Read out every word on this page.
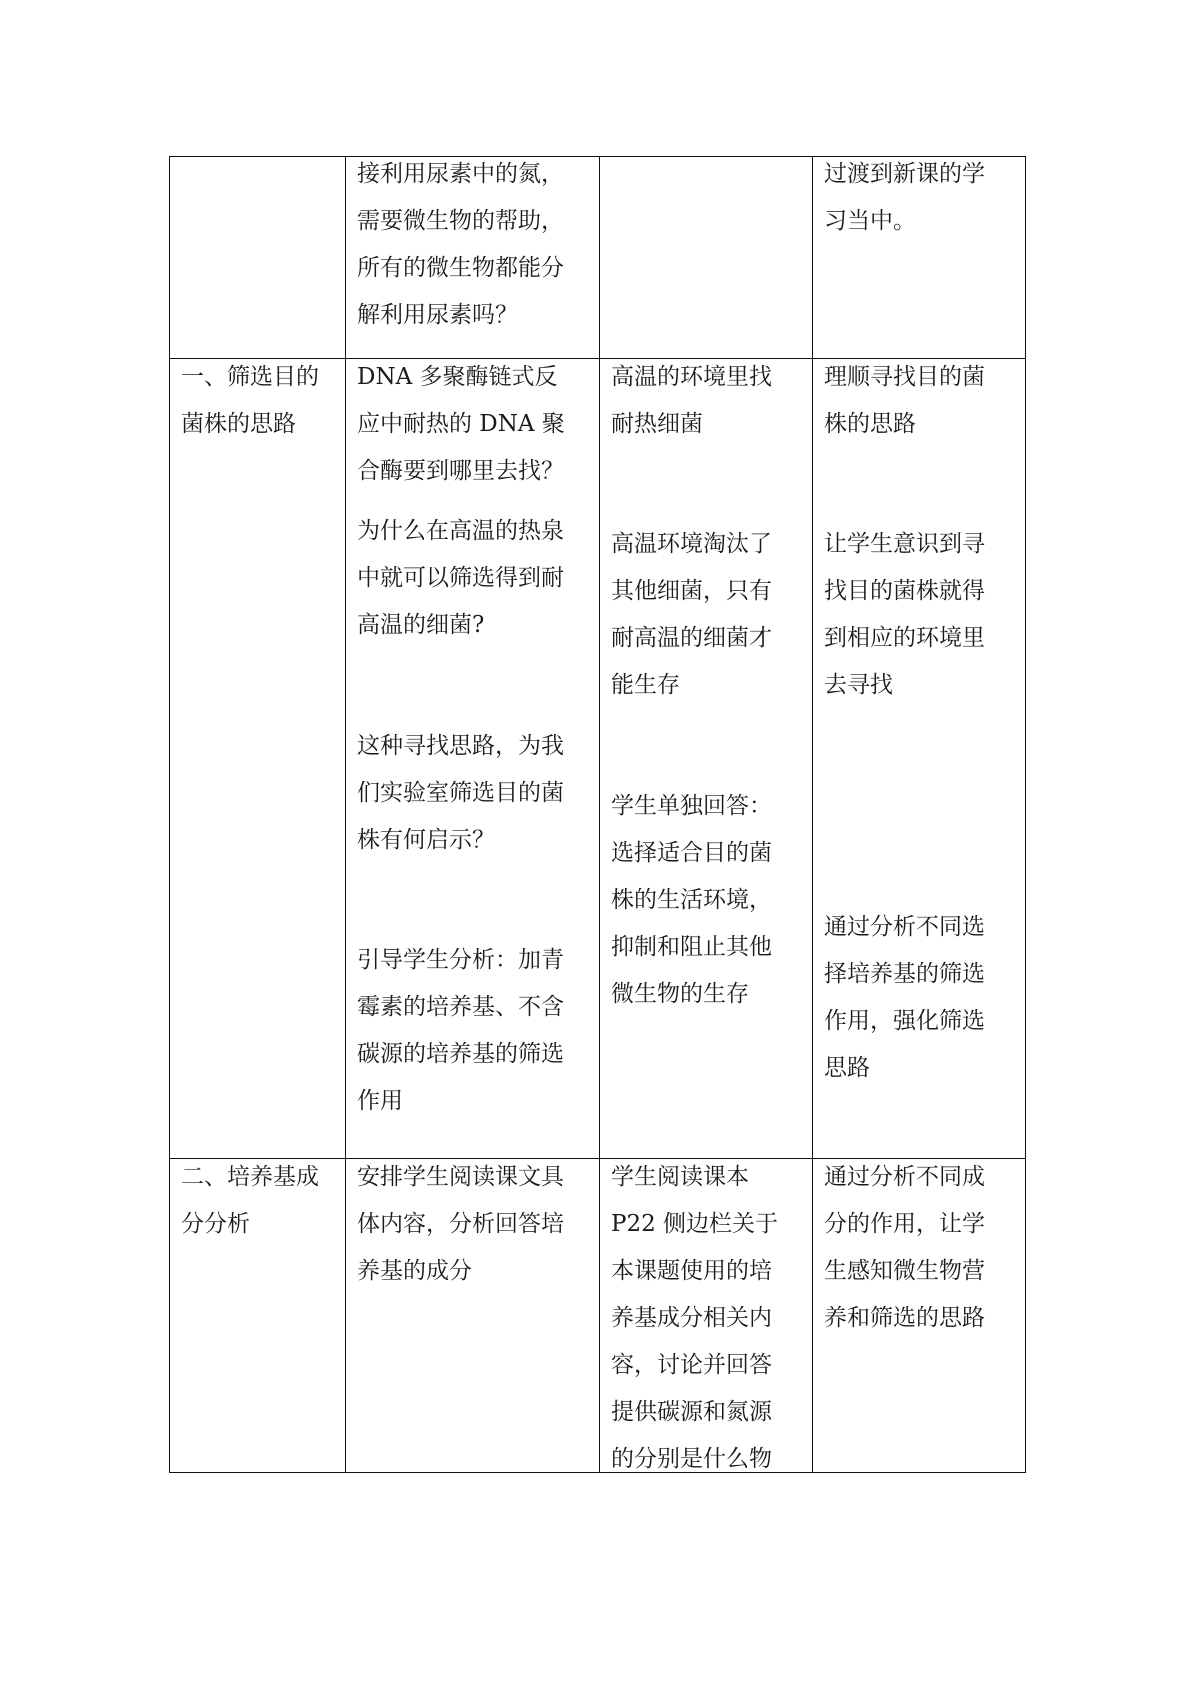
接利用尿素中的氮，
需要微生物的帮助，
所有的微生物都能分
解利用尿素吗？
过渡到新课的学
习当中。
一、筛选目的
菌株的思路
DNA 多聚酶链式反
应中耐热的 DNA 聚
合酶要到哪里去找？
为什么在高温的热泉
中就可以筛选得到耐
高温的细菌?
这种寻找思路，为我
们实验室筛选目的菌
株有何启示？
引导学生分析：加青
霉素的培养基、不含
碳源的培养基的筛选
作用
高温的环境里找
耐热细菌
高温环境淘汰了
其他细菌，只有
耐高温的细菌才
能生存
学生单独回答：
选择适合目的菌
株的生活环境，
抑制和阻止其他
微生物的生存
理顺寻找目的菌
株的思路
让学生意识到寻
找目的菌株就得
到相应的环境里
去寻找
通过分析不同选
择培养基的筛选
作用，强化筛选
思路
二、培养基成
分分析
安排学生阅读课文具
体内容，分析回答培
养基的成分
学生阅读课本
P22 侧边栏关于
本课题使用的培
养基成分相关内
容，讨论并回答
提供碳源和氮源
的分别是什么物
通过分析不同成
分的作用，让学
生感知微生物营
养和筛选的思路
